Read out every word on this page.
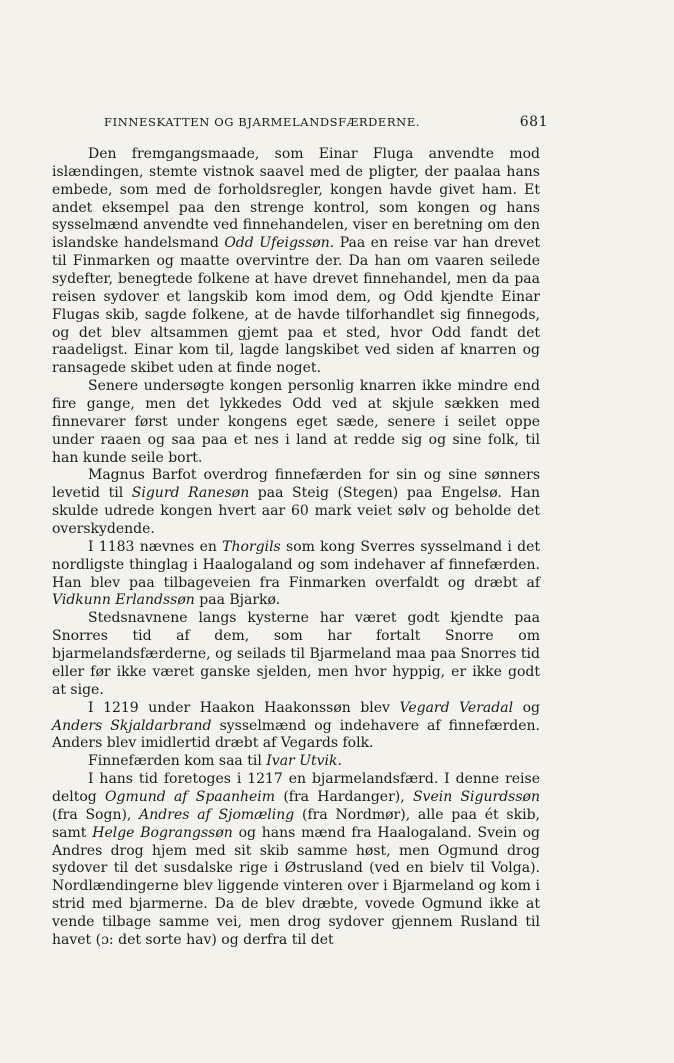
FINNESKATTEN OG BJARMELANDSFÆRDERNE.	681

Den fremgangsmaade, som Einar Fluga anvendte mod islændingen, stemte vistnok saavel med de pligter, der paalaa hans embede, som med de forholdsregler, kongen havde givet ham. Et andet eksempel paa den strenge kontrol, som kongen og hans sysselmænd anvendte ved finnehandelen, viser en beretning om den islandske handelsmand Odd Ufeigssøn. Paa en reise var han drevet til Finmarken og maatte overvintre der. Da han om vaaren seilede sydefter, benegtede folkene at have drevet finnehandel, men da paa reisen sydover et langskib kom imod dem, og Odd kjendte Einar Flugas skib, sagde folkene, at de havde tilforhandlet sig finnegods, og det blev altsammen gjemt paa et sted, hvor Odd fandt det raadeligst. Einar kom til, lagde langskibet ved siden af knarren og ransagede skibet uden at finde noget.

Senere undersøgte kongen personlig knarren ikke mindre end fire gange, men det lykkedes Odd ved at skjule sækken med finnevarer først under kongens eget sæde, senere i seilet oppe under raaen og saa paa et nes i land at redde sig og sine folk, til han kunde seile bort.

Magnus Barfot overdrog finnefærden for sin og sine sønners levetid til Sigurd Ranesøn paa Steig (Stegen) paa Engelsø. Han skulde udrede kongen hvert aar 60 mark veiet sølv og beholde det overskydende.

I 1183 nævnes en Thorgils som kong Sverres sysselmand i det nordligste thinglag i Haalogaland og som indehaver af finnefærden. Han blev paa tilbageveien fra Finmarken overfaldt og dræbt af Vidkunn Erlandssøn paa Bjarkø.

Stedsnavnene langs kysterne har været godt kjendte paa Snorres tid af dem, som har fortalt Snorre om bjarmelandsfærderne, og seilads til Bjarmeland maa paa Snorres tid eller før ikke været ganske sjelden, men hvor hyppig, er ikke godt at sige.

I 1219 under Haakon Haakonssøn blev Vegard Veradal og Anders Skjaldarbrand sysselmænd og indehavere af finnefærden. Anders blev imidlertid dræbt af Vegards folk.

Finnefærden kom saa til Ivar Utvik.

I hans tid foretoges i 1217 en bjarmelandsfærd. I denne reise deltog Ogmund af Spaanheim (fra Hardanger), Svein Sigurdssøn (fra Sogn), Andres af Sjomæling (fra Nordmør), alle paa ét skib, samt Helge Bograngssøn og hans mænd fra Haalogaland. Svein og Andres drog hjem med sit skib samme høst, men Ogmund drog sydover til det susdalske rige i Østrusland (ved en bielv til Volga). Nordlændingerne blev liggende vinteren over i Bjarmeland og kom i strid med bjarmerne. Da de blev dræbte, vovede Ogmund ikke at vende tilbage samme vei, men drog sydover gjennem Rusland til havet (ɔ: det sorte hav) og derfra til det
